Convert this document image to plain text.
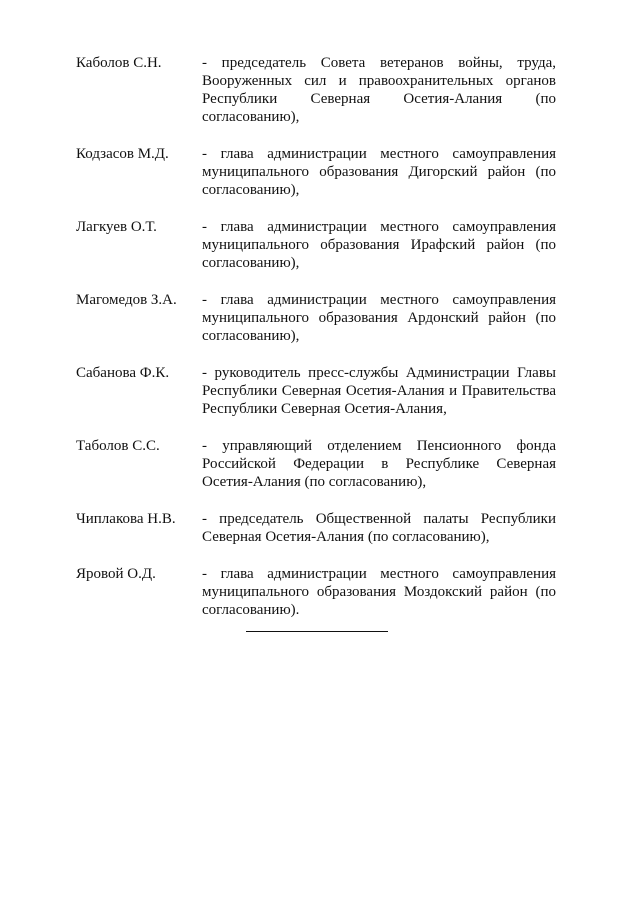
Каболов С.Н.	- председатель Совета ветеранов войны, труда, Вооруженных сил и правоохранительных органов Республики Северная Осетия-Алания (по согласованию),
Кодзасов М.Д.	- глава администрации местного самоуправления муниципального образования Дигорский район (по согласованию),
Лагкуев О.Т.	- глава администрации местного самоуправления муниципального образования Ирафский район (по согласованию),
Магомедов З.А.	- глава администрации местного самоуправления муниципального образования Ардонский район (по согласованию),
Сабанова Ф.К.	- руководитель пресс-службы Администрации Главы Республики Северная Осетия-Алания и Правительства Республики Северная Осетия-Алания,
Таболов С.С.	- управляющий отделением Пенсионного фонда Российской Федерации в Республике Северная Осетия-Алания (по согласованию),
Чиплакова Н.В.	- председатель Общественной палаты Республики Северная Осетия-Алания (по согласованию),
Яровой О.Д.	- глава администрации местного самоуправления муниципального образования Моздокский район (по согласованию).
